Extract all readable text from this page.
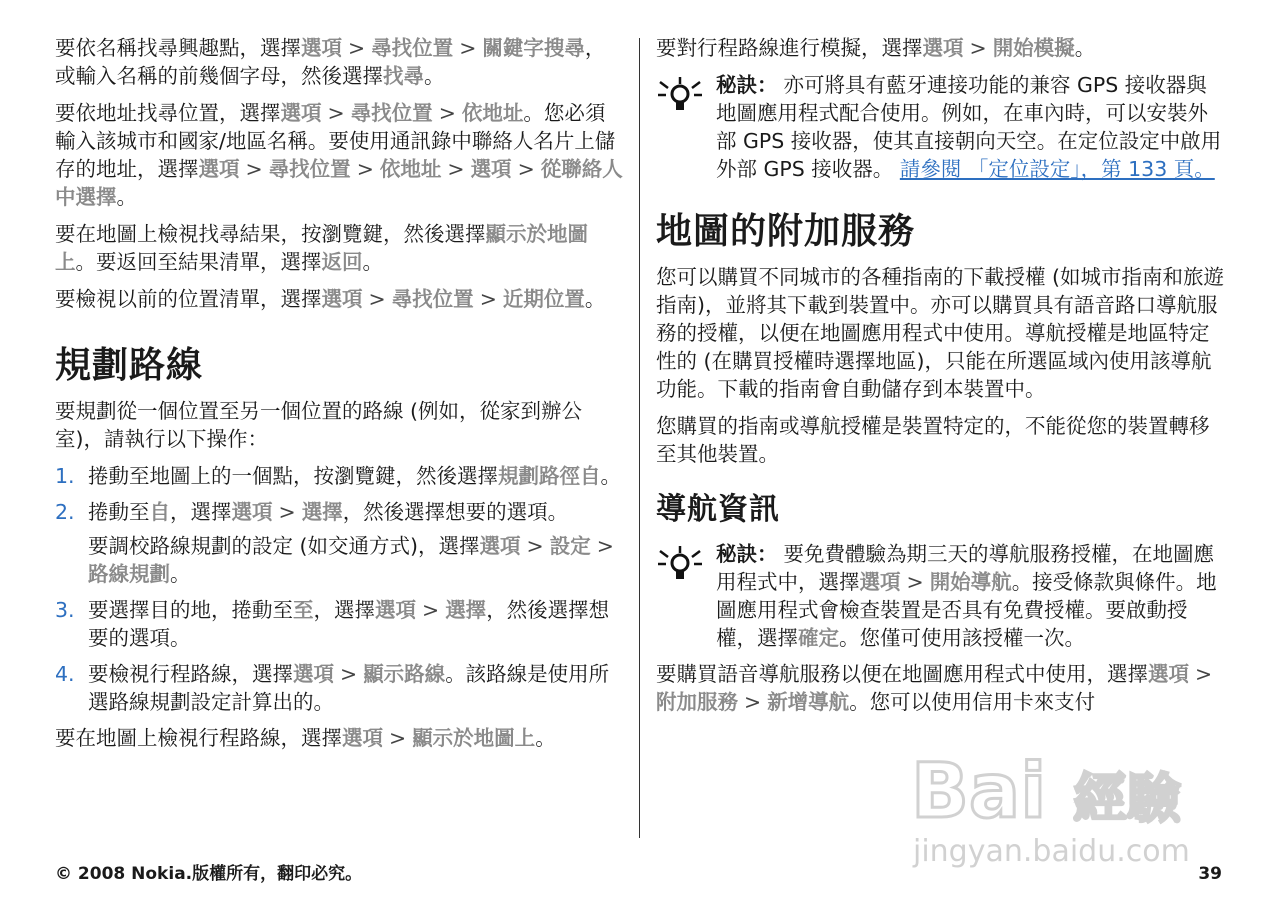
要依名稱找尋興趣點，選擇選項 > 尋找位置 > 關鍵字搜尋，或輸入名稱的前幾個字母，然後選擇找尋。

要依地址找尋位置，選擇選項 > 尋找位置 > 依地址。您必須輸入該城市和國家/地區名稱。要使用通訊錄中聯絡人名片上儲存的地址，選擇選項 > 尋找位置 > 依地址 > 選項 > 從聯絡人中選擇。

要在地圖上檢視找尋結果，按瀏覽鍵，然後選擇顯示於地圖上。要返回至結果清單，選擇返回。

要檢視以前的位置清單，選擇選項 > 尋找位置 > 近期位置。

規劃路線

要規劃從一個位置至另一個位置的路線 (例如，從家到辦公室)，請執行以下操作：

1. 捲動至地圖上的一個點，按瀏覽鍵，然後選擇規劃路徑自。

2. 捲動至自，選擇選項 > 選擇，然後選擇想要的選項。

要調校路線規劃的設定 (如交通方式)，選擇選項 > 設定 >路線規劃。

3. 要選擇目的地，捲動至至，選擇選項 > 選擇，然後選擇想要的選項。

4. 要檢視行程路線，選擇選項 > 顯示路線。該路線是使用所選路線規劃設定計算出的。

要在地圖上檢視行程路線，選擇選項 > 顯示於地圖上。

要對行程路線進行模擬，選擇選項 > 開始模擬。

秘訣： 亦可將具有藍牙連接功能的兼容 GPS 接收器與地圖應用程式配合使用。例如，在車內時，可以安裝外部 GPS 接收器，使其直接朝向天空。在定位設定中啟用外部 GPS 接收器。 請參閱 「定位設定」，第 133 頁。

地圖的附加服務

您可以購買不同城市的各種指南的下載授權 (如城市指南和旅遊指南)，並將其下載到裝置中。亦可以購買具有語音路口導航服務的授權，以便在地圖應用程式中使用。導航授權是地區特定性的 (在購買授權時選擇地區)，只能在所選區域內使用該導航功能。下載的指南會自動儲存到本裝置中。

您購買的指南或導航授權是裝置特定的，不能從您的裝置轉移至其他裝置。

導航資訊

秘訣： 要免費體驗為期三天的導航服務授權，在地圖應用程式中，選擇選項 > 開始導航。接受條款與條件。地圖應用程式會檢查裝置是否具有免費授權。要啟動授權，選擇確定。您僅可使用該授權一次。

要購買語音導航服務以便在地圖應用程式中使用，選擇選項 >附加服務 > 新增導航。您可以使用信用卡來支付

Bai 經驗
jingyan.baidu.com
© 2008 Nokia.版權所有，翻印必究。	39
